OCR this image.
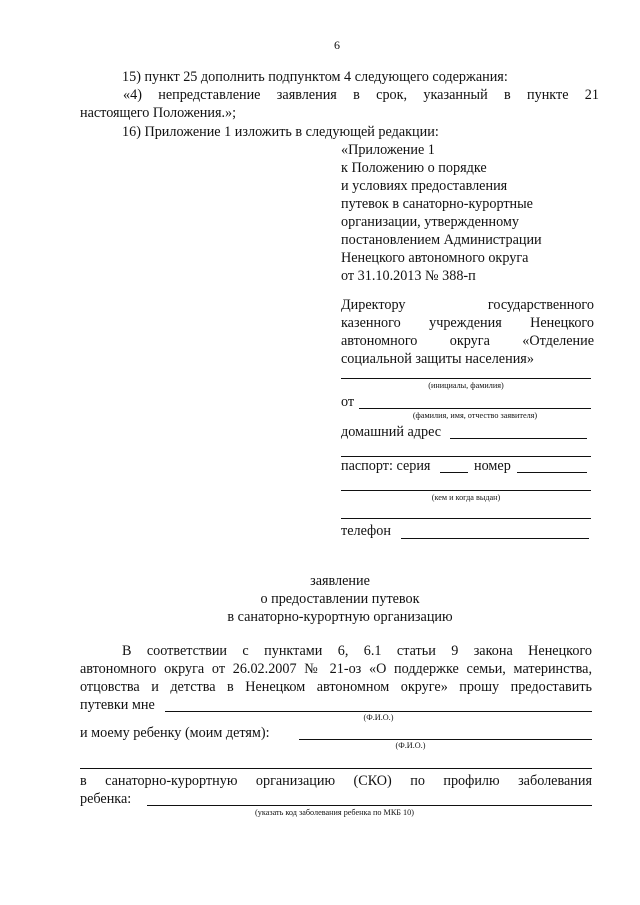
6
15) пункт 25 дополнить подпунктом 4 следующего содержания:
«4) непредставление заявления в срок, указанный в пункте 21
настоящего Положения.»;
16) Приложение 1 изложить в следующей редакции:
«Приложение 1
к Положению о порядке
и условиях предоставления
путевок в санаторно-курортные
организации, утвержденному
постановлением Администрации
Ненецкого автономного округа
от 31.10.2013 № 388-п
Директору государственного
казенного учреждения Ненецкого
автономного округа «Отделение
социальной защиты населения»
(инициалы, фамилия)
от
(фамилия, имя, отчество заявителя)
домашний адрес
паспорт: серия	номер
(кем и когда выдан)
телефон
заявление
о предоставлении путевок
в санаторно-курортную организацию
В соответствии с пунктами 6, 6.1 статьи 9 закона Ненецкого
автономного округа от 26.02.2007 № 21-оз «О поддержке семьи, материнства,
отцовства и детства в Ненецком автономном округе» прошу предоставить
путевки мне
(Ф.И.О.)
и моему ребенку (моим детям):
(Ф.И.О.)
в санаторно-курортную организацию (СКО) по профилю заболевания
ребенка:
(указать код заболевания ребенка по МКБ 10)
